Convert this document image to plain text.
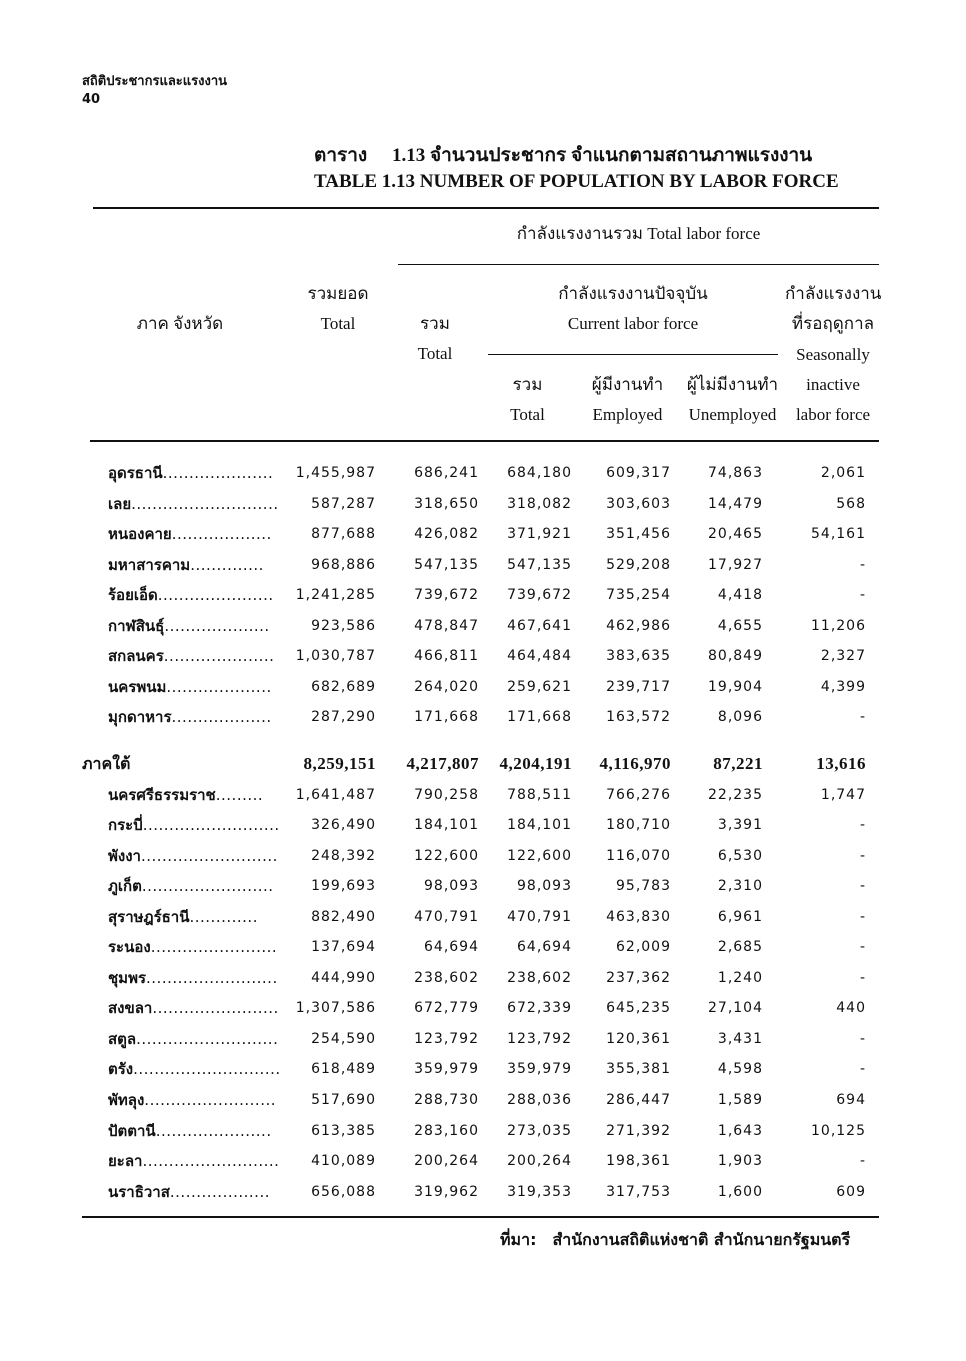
สถิติประชากรและแรงงาน
40
ตาราง 1.13 จำนวนประชากร จำแนกตามสถานภาพแรงงาน
TABLE 1.13 NUMBER OF POPULATION BY LABOR FORCE
กำลังแรงงานรวม Total labor force
ภาค จังหวัด
รวมยอด
Total	รวม
Total
กำลังแรงงานปัจจุบัน
Current labor force
รวม
Total
ผู้มีงานทำ
Employed
ผู้ไม่มีงานทำ
Unemployed
กำลังแรงงาน
ที่รอฤดูกาล
Seasonally
inactive
labor force
อุดรธานี..................... 1,455,987	686,241 684,180 609,317	74,863	2,061
เลย............................ 587,287	318,650 318,082 303,603	14,479	568
หนองคาย...................	877,688	426,082 371,921 351,456	20,465	54,161
มหาสารคาม..............	968,886	547,135 547,135 529,208	17,927	-
ร้อยเอ็ด...................... 1,241,285	739,672 739,672 735,254	4,418	-
กาฬสินธุ์....................	923,586	478,847 467,641 462,986	4,655	11,206
สกลนคร..................... 1,030,787	466,811 464,484 383,635	80,849	2,327
นครพนม....................	682,689	264,020 259,621 239,717	19,904	4,399
มุกดาหาร...................	287,290	171,668 171,668 163,572	8,096	-
ภาคใต้	8,259,151 4,217,807 4,204,191 4,116,970 87,221	13,616
นครศรีธรรมราช......... 1,641,487	790,258 788,511 766,276	22,235	1,747
กระบี่.......................... 326,490	184,101 184,101 180,710	3,391	-
พังงา.......................... 248,392	122,600 122,600 116,070	6,530	-
ภูเก็ต.........................	199,693	98,093	98,093	95,783	2,310	-
สุราษฎร์ธานี.............	882,490	470,791 470,791 463,830	6,961	-
ระนอง........................ 137,694	64,694	64,694	62,009	2,685	-
ชุมพร......................... 444,990	238,602 238,602 237,362	1,240	-
สงขลา........................ 1,307,586	672,779 672,339 645,235	27,104	440
สตูล........................... 254,590	123,792 123,792 120,361	3,431	-
ตรัง............................ 618,489	359,979 359,979 355,381	4,598	-
พัทลุง.........................	517,690	288,730 288,036 286,447	1,589	694
ปัตตานี......................	613,385	283,160 273,035 271,392	1,643	10,125
ยะลา.......................... 410,089	200,264 200,264 198,361	1,903	-
นราธิวาส...................	656,088	319,962 319,353 317,753	1,600	609
ที่มา: สำนักงานสถิติแห่งชาติ สำนักนายกรัฐมนตรี
